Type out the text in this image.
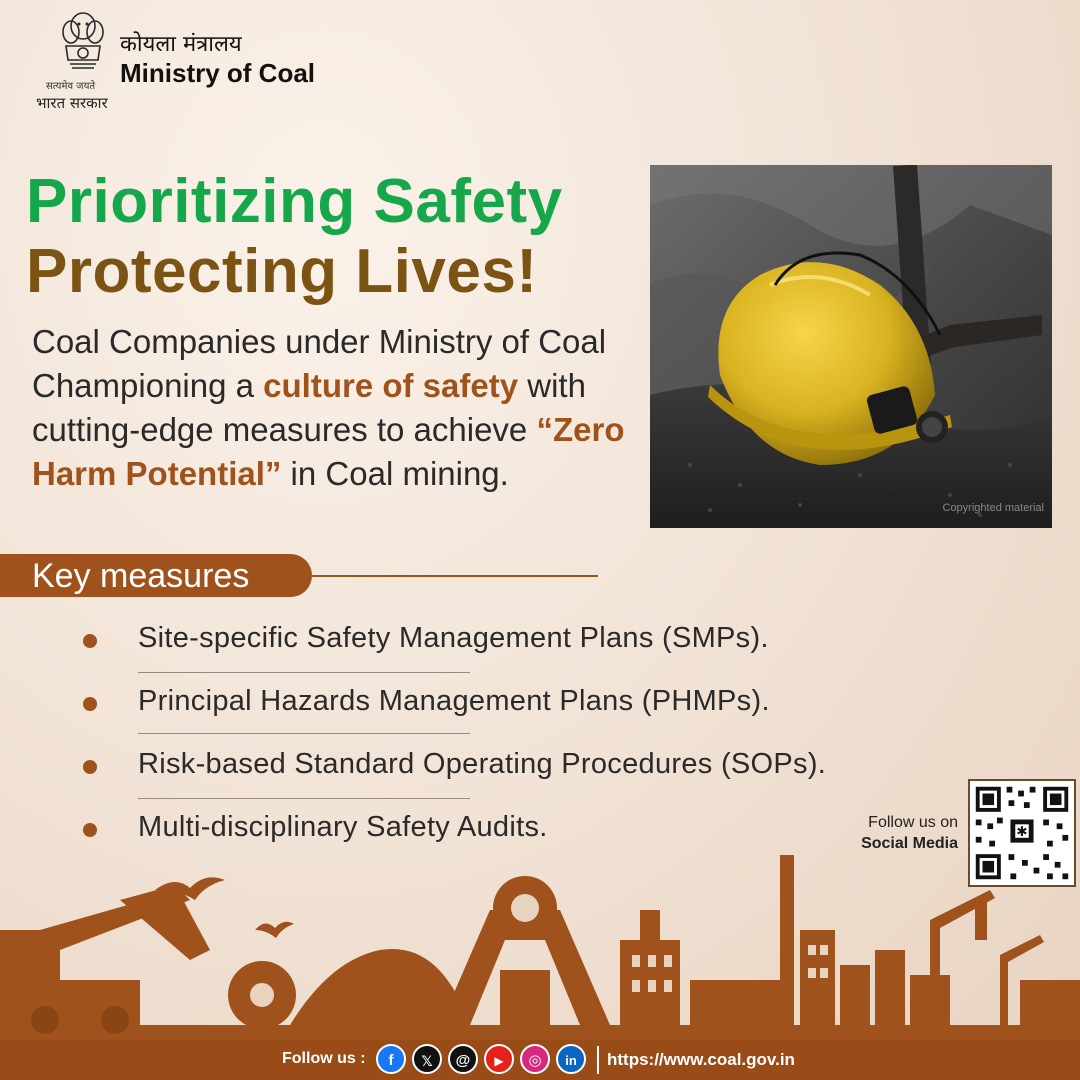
सत्यमेव जयते
भारत सरकार
कोयला मंत्रालय
Ministry of Coal
Prioritizing Safety
Protecting Lives!
Coal Companies under Ministry of Coal Championing a culture of safety with cutting-edge measures to achieve “Zero Harm Potential” in Coal mining.
Copyrighted material
Key measures
Site-specific Safety Management Plans (SMPs).
Principal Hazards Management Plans (PHMPs).
Risk-based Standard Operating Procedures (SOPs).
Multi-disciplinary Safety Audits.	Follow us on
Social Media
✱
Follow us :	f	𝕏	@	▶	◎	in	https://www.coal.gov.in
